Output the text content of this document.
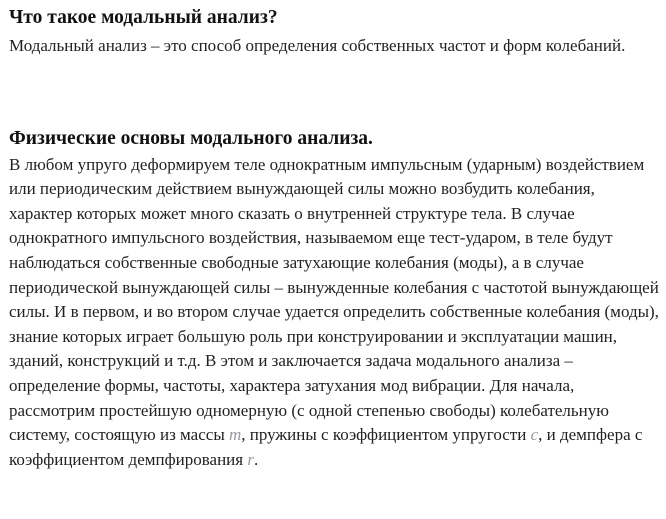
Что такое модальный анализ?

Модальный анализ – это способ определения собственных частот и форм колебаний.

Физические основы модального анализа.

В любом упруго деформируем теле однократным импульсным (ударным) воздействием или периодическим действием вынуждающей силы можно возбудить колебания, характер которых может много сказать о внутренней структуре тела. В случае однократного импульсного воздействия, называемом еще тест-ударом, в теле будут наблюдаться собственные свободные затухающие колебания (моды), а в случае периодической вынуждающей силы – вынужденные колебания с частотой вынуждающей силы. И в первом, и во втором случае удается определить собственные колебания (моды), знание которых играет большую роль при конструировании и эксплуатации машин, зданий, конструкций и т.д. В этом и заключается задача модального анализа – определение формы, частоты, характера затухания мод вибрации. Для начала, рассмотрим простейшую одномерную (с одной степенью свободы) колебательную систему, состоящую из массы m, пружины с коэффициентом упругости c, и демпфера с коэффициентом демпфирования r.
